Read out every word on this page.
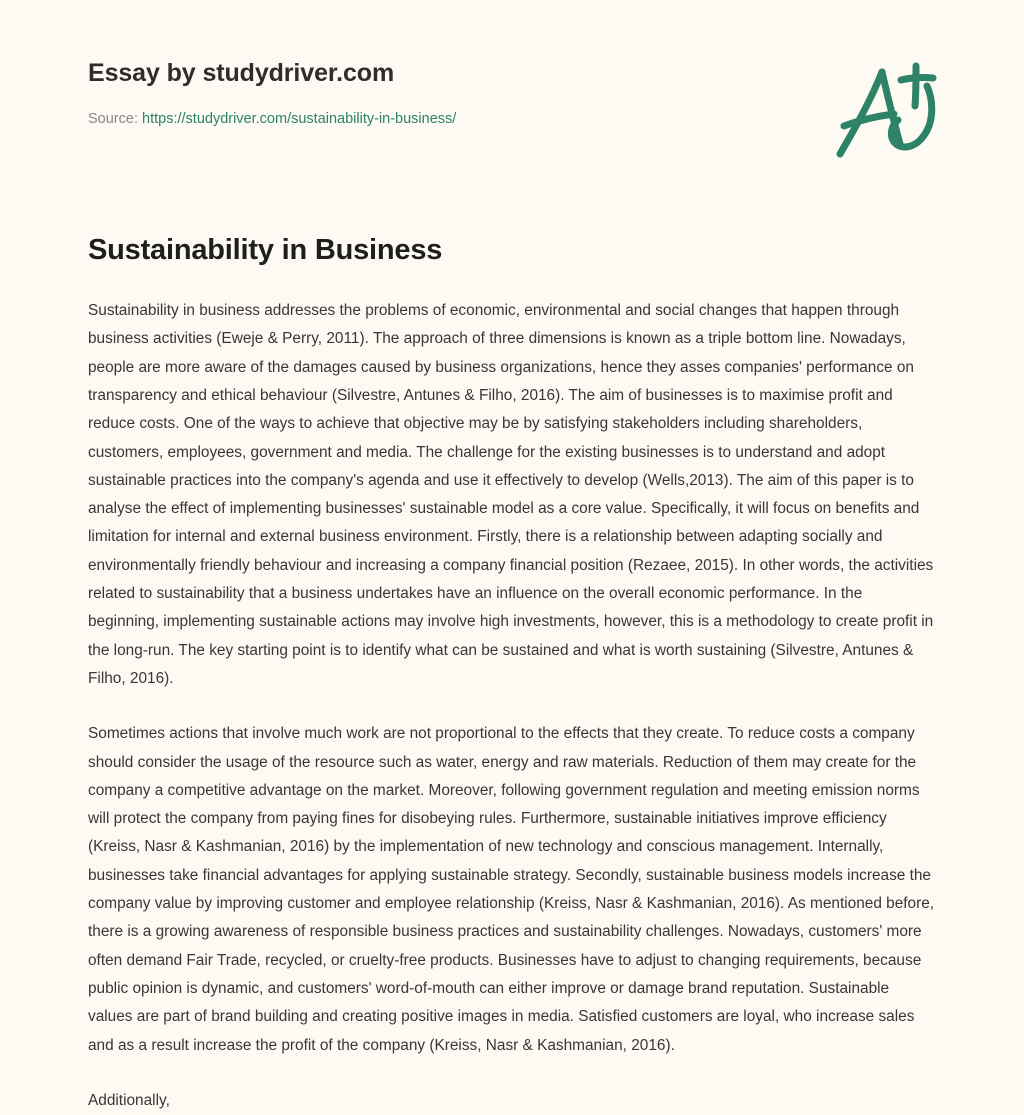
Essay by studydriver.com
Source: https://studydriver.com/sustainability-in-business/
Sustainability in Business

Sustainability in business addresses the problems of economic, environmental and social changes that happen through business activities (Eweje & Perry, 2011). The approach of three dimensions is known as a triple bottom line. Nowadays, people are more aware of the damages caused by business organizations, hence they asses companies' performance on transparency and ethical behaviour (Silvestre, Antunes & Filho, 2016). The aim of businesses is to maximise profit and reduce costs. One of the ways to achieve that objective may be by satisfying stakeholders including shareholders, customers, employees, government and media. The challenge for the existing businesses is to understand and adopt sustainable practices into the company's agenda and use it effectively to develop (Wells,2013). The aim of this paper is to analyse the effect of implementing businesses' sustainable model as a core value. Specifically, it will focus on benefits and limitation for internal and external business environment. Firstly, there is a relationship between adapting socially and environmentally friendly behaviour and increasing a company financial position (Rezaee, 2015). In other words, the activities related to sustainability that a business undertakes have an influence on the overall economic performance. In the beginning, implementing sustainable actions may involve high investments, however, this is a methodology to create profit in the long-run. The key starting point is to identify what can be sustained and what is worth sustaining (Silvestre, Antunes & Filho, 2016).

Sometimes actions that involve much work are not proportional to the effects that they create. To reduce costs a company should consider the usage of the resource such as water, energy and raw materials. Reduction of them may create for the company a competitive advantage on the market. Moreover, following government regulation and meeting emission norms will protect the company from paying fines for disobeying rules. Furthermore, sustainable initiatives improve efficiency (Kreiss, Nasr & Kashmanian, 2016) by the implementation of new technology and conscious management. Internally, businesses take financial advantages for applying sustainable strategy. Secondly, sustainable business models increase the company value by improving customer and employee relationship (Kreiss, Nasr & Kashmanian, 2016). As mentioned before, there is a growing awareness of responsible business practices and sustainability challenges. Nowadays, customers' more often demand Fair Trade, recycled, or cruelty-free products. Businesses have to adjust to changing requirements, because public opinion is dynamic, and customers' word-of-mouth can either improve or damage brand reputation. Sustainable values are part of brand building and creating positive images in media. Satisfied customers are loyal, who increase sales and as a result increase the profit of the company (Kreiss, Nasr & Kashmanian, 2016).

Additionally,
